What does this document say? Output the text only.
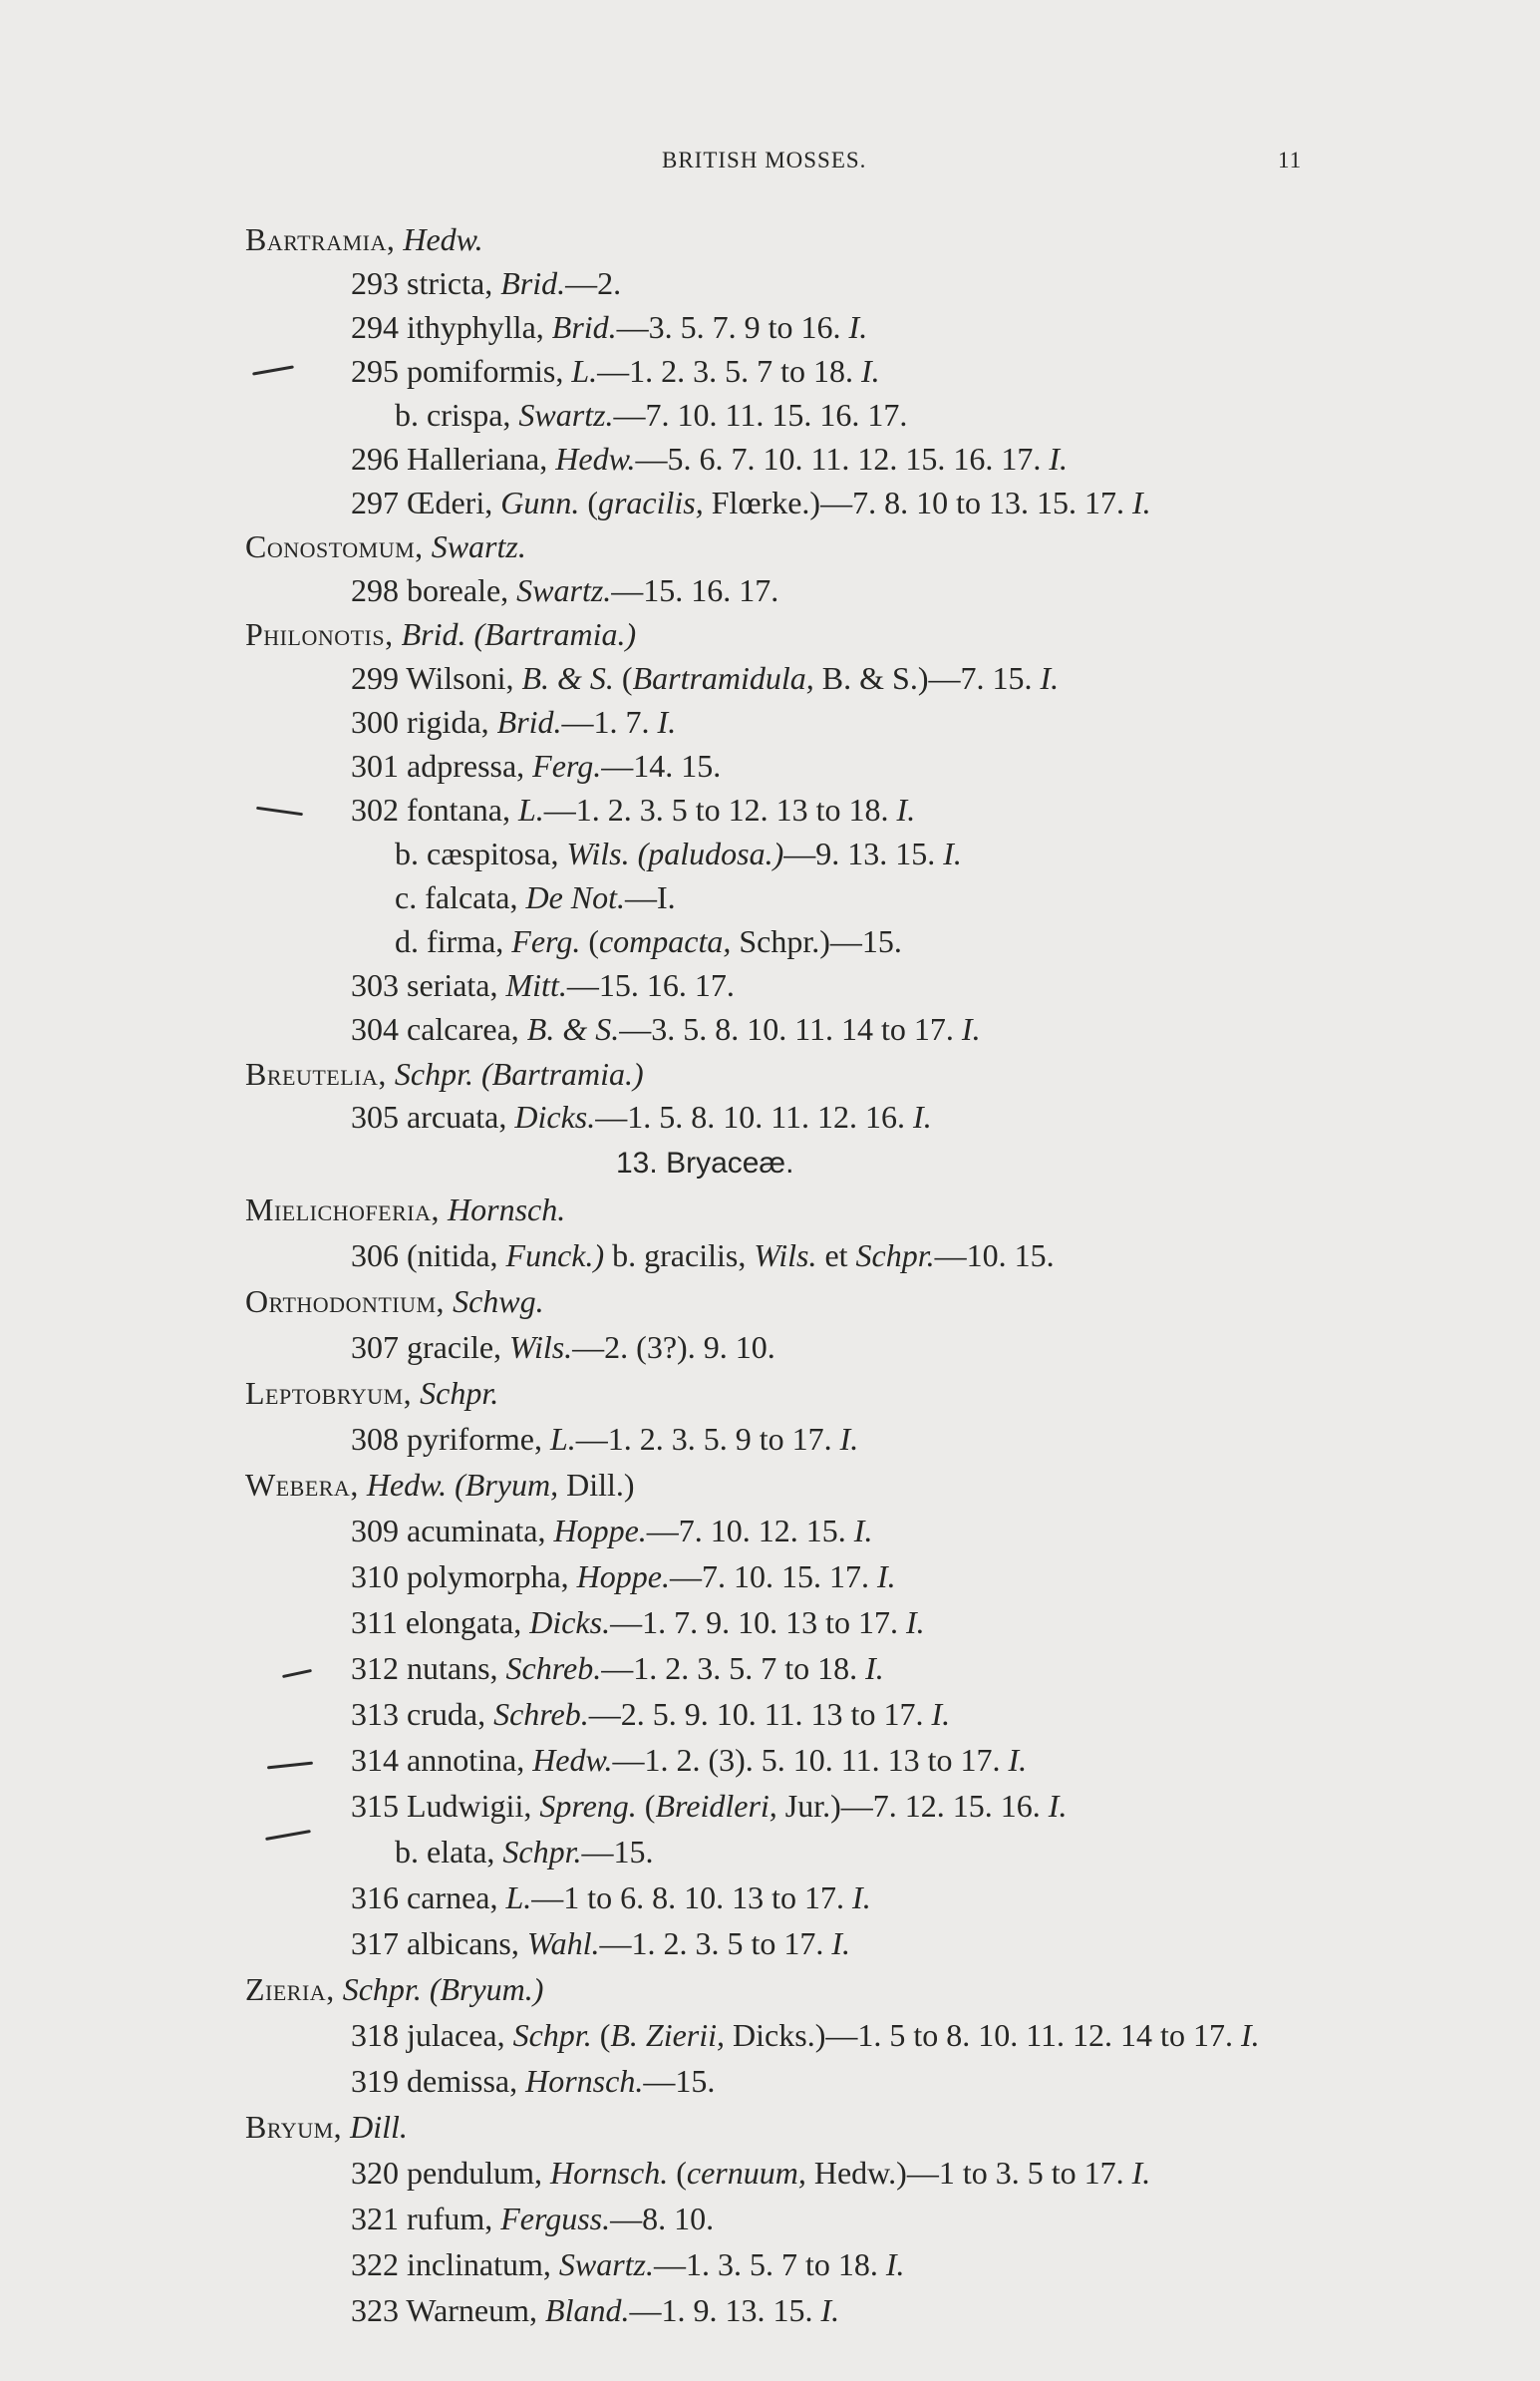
BRITISH MOSSES.	11
Bartramia, Hedw.
293 stricta, Brid.—2.
294 ithyphylla, Brid.—3. 5. 7. 9 to 16. I.
295 pomiformis, L.—1. 2. 3. 5. 7 to 18. I.
b. crispa, Swartz.—7. 10. 11. 15. 16. 17.
296 Halleriana, Hedw.—5. 6. 7. 10. 11. 12. 15. 16. 17. I.
297 Œderi, Gunn. (gracilis, Flœrke.)—7. 8. 10 to 13. 15. 17. I.
Conostomum, Swartz.
298 boreale, Swartz.—15. 16. 17.
Philonotis, Brid. (Bartramia.)
299 Wilsoni, B. & S. (Bartramidula, B. & S.)—7. 15. I.
300 rigida, Brid.—1. 7. I.
301 adpressa, Ferg.—14. 15.
302 fontana, L.—1. 2. 3. 5 to 12. 13 to 18. I.
b. cæspitosa, Wils. (paludosa.)—9. 13. 15. I.
c. falcata, De Not.—I.
d. firma, Ferg. (compacta, Schpr.)—15.
303 seriata, Mitt.—15. 16. 17.
304 calcarea, B. & S.—3. 5. 8. 10. 11. 14 to 17. I.
Breutelia, Schpr. (Bartramia.)
13. Bryaceæ.
Mielichoferia, Hornsch.
306 (nitida, Funck.) b. gracilis, Wils. et Schpr.—10. 15.
Orthodontium, Schwg.
307 gracile, Wils.—2. (3?). 9. 10.
Leptobryum, Schpr.
308 pyriforme, L.—1. 2. 3. 5. 9 to 17. I.
Webera, Hedw. (Bryum, Dill.)
309 acuminata, Hoppe.—7. 10. 12. 15. I.
310 polymorpha, Hoppe.—7. 10. 15. 17. I.
311 elongata, Dicks.—1. 7. 9. 10. 13 to 17. I.
312 nutans, Schreb.—1. 2. 3. 5. 7 to 18. I.
313 cruda, Schreb.—2. 5. 9. 10. 11. 13 to 17. I.
314 annotina, Hedw.—1. 2. (3). 5. 10. 11. 13 to 17. I.
315 Ludwigii, Spreng. (Breidleri, Jur.)—7. 12. 15. 16. I.
b. elata, Schpr.—15.
316 carnea, L.—1 to 6. 8. 10. 13 to 17. I.
317 albicans, Wahl.—1. 2. 3. 5 to 17. I.
Zieria, Schpr. (Bryum.)
318 julacea, Schpr. (B. Zierii, Dicks.)—1. 5 to 8. 10. 11. 12. 14 to 17. I.
319 demissa, Hornsch.—15.
Bryum, Dill.
320 pendulum, Hornsch. (cernuum, Hedw.)—1 to 3. 5 to 17. I.
321 rufum, Ferguss.—8. 10.
322 inclinatum, Swartz.—1. 3. 5. 7 to 18. I.
323 Warneum, Bland.—1. 9. 13. 15. I.
305 arcuata, Dicks.—1. 5. 8. 10. 11. 12. 16. I.
